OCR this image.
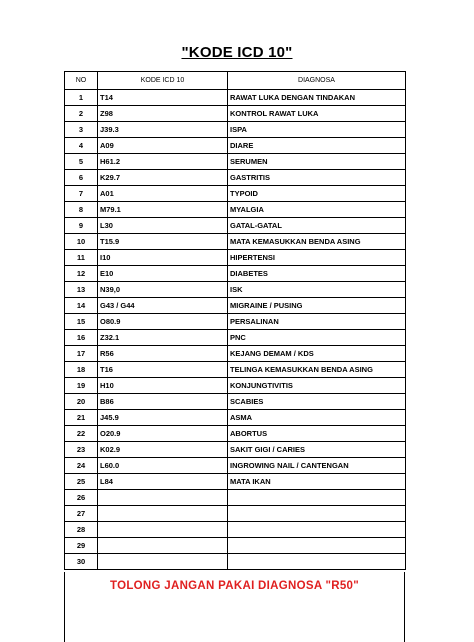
"KODE ICD 10"
NO	KODE ICD 10	DIAGNOSA
1	T14	RAWAT LUKA DENGAN TINDAKAN
2	Z98	KONTROL RAWAT LUKA
3	J39.3	ISPA
4	A09	DIARE
5	H61.2	SERUMEN
6	K29.7	GASTRITIS
7	A01	TYPOID
8	M79.1	MYALGIA
9	L30	GATAL-GATAL
10	T15.9	MATA KEMASUKKAN BENDA ASING
11	I10	HIPERTENSI
12	E10	DIABETES
13	N39,0	ISK
14	G43 / G44	MIGRAINE / PUSING
15	O80.9	PERSALINAN
16	Z32.1	PNC
17	R56	KEJANG DEMAM / KDS
18	T16	TELINGA KEMASUKKAN BENDA ASING
19	H10	KONJUNGTIVITIS
20	B86	SCABIES
21	J45.9	ASMA
22	O20.9	ABORTUS
23	K02.9	SAKIT GIGI / CARIES
24	L60.0	INGROWING NAIL / CANTENGAN
25	L84	MATA IKAN
26		
27		
28		
29		
30		
TOLONG JANGAN PAKAI DIAGNOSA "R50"
